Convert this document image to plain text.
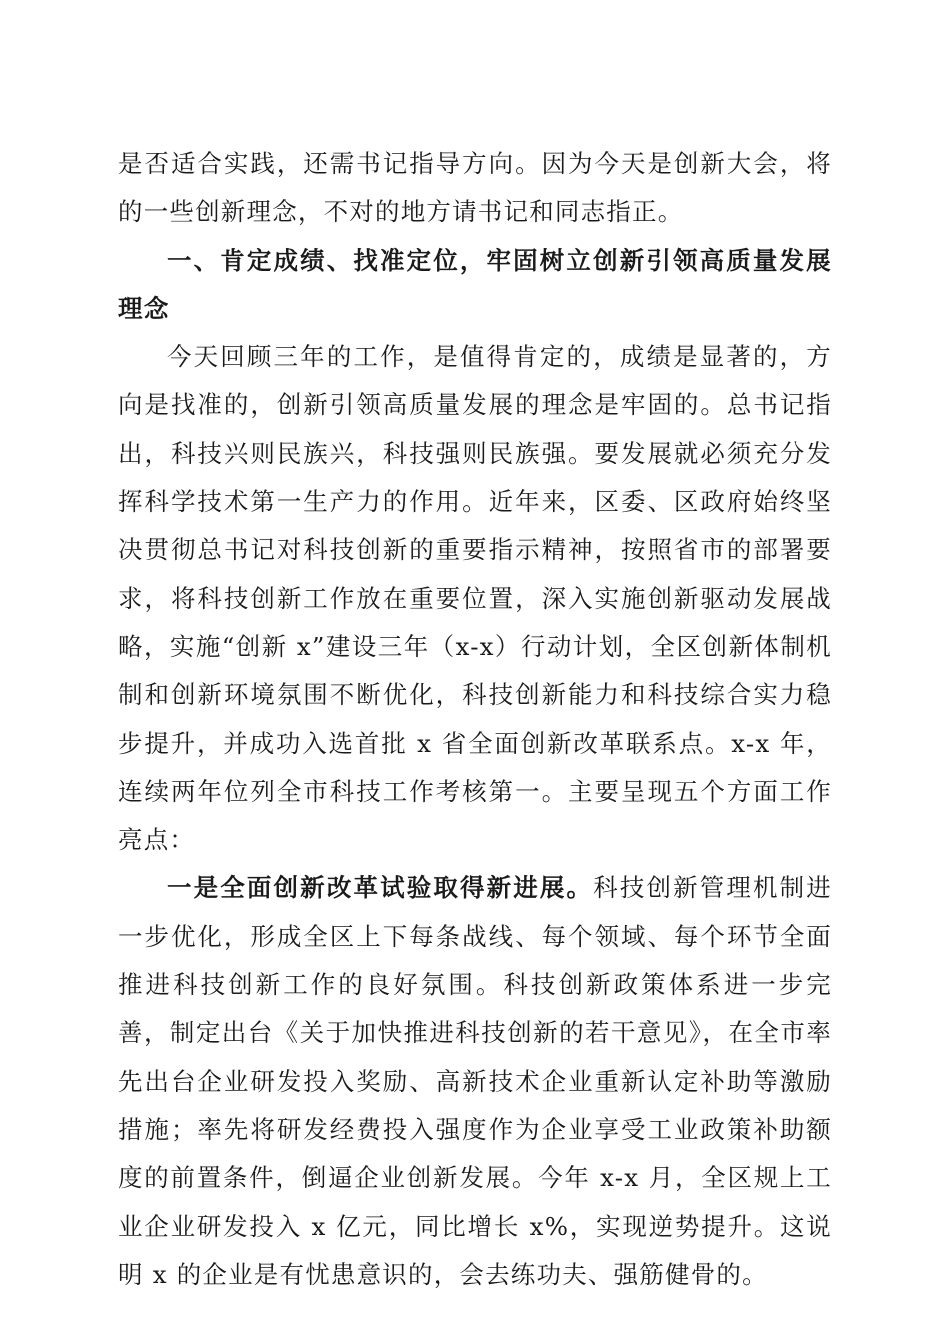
是否适合实践，还需书记指导方向。因为今天是创新大会，将的一些创新理念，不对的地方请书记和同志指正。

一、肯定成绩、找准定位，牢固树立创新引领高质量发展理念

今天回顾三年的工作，是值得肯定的，成绩是显著的，方向是找准的，创新引领高质量发展的理念是牢固的。总书记指出，科技兴则民族兴，科技强则民族强。要发展就必须充分发挥科学技术第一生产力的作用。近年来，区委、区政府始终坚决贯彻总书记对科技创新的重要指示精神，按照省市的部署要求，将科技创新工作放在重要位置，深入实施创新驱动发展战略，实施“创新 x”建设三年（x-x）行动计划，全区创新体制机制和创新环境氛围不断优化，科技创新能力和科技综合实力稳步提升，并成功入选首批 x 省全面创新改革联系点。x-x 年，连续两年位列全市科技工作考核第一。主要呈现五个方面工作亮点：

一是全面创新改革试验取得新进展。科技创新管理机制进一步优化，形成全区上下每条战线、每个领域、每个环节全面推进科技创新工作的良好氛围。科技创新政策体系进一步完善，制定出台《关于加快推进科技创新的若干意见》，在全市率先出台企业研发投入奖励、高新技术企业重新认定补助等激励措施；率先将研发经费投入强度作为企业享受工业政策补助额度的前置条件，倒逼企业创新发展。今年 x-x 月，全区规上工业企业研发投入 x 亿元，同比增长 x%，实现逆势提升。这说明 x 的企业是有忧患意识的，会去练功夫、强筋健骨的。
